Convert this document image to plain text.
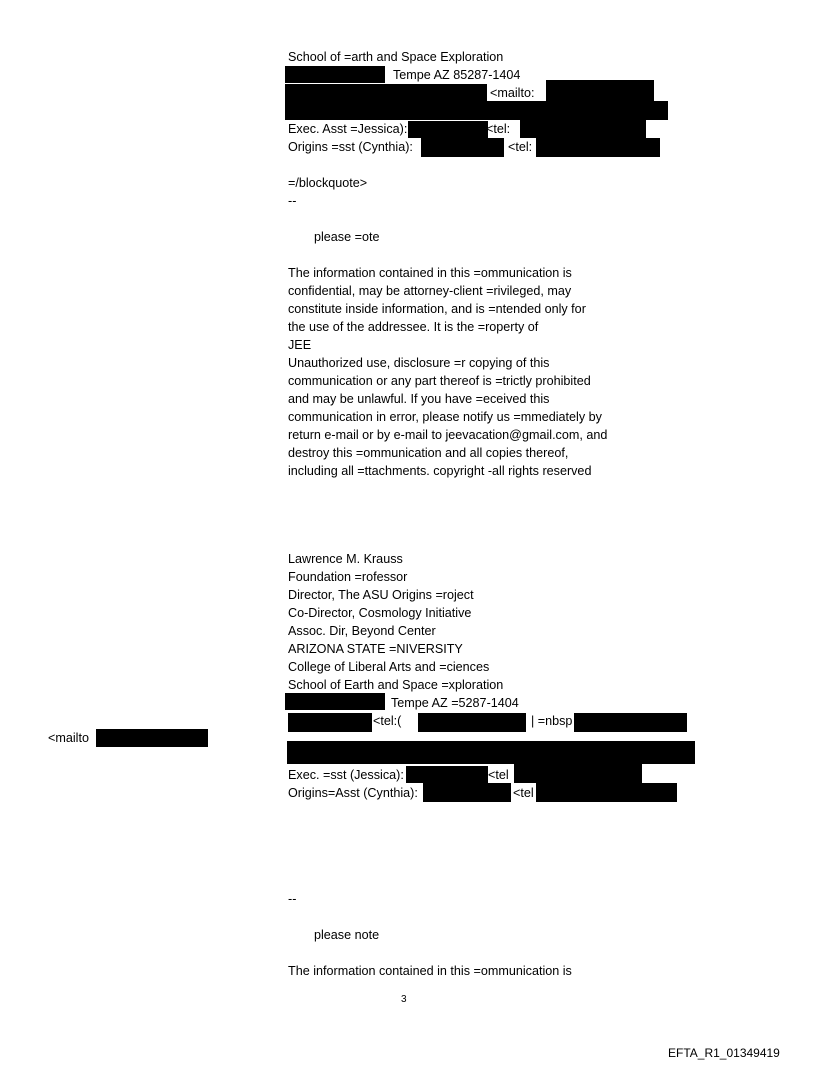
School of =arth and Space Exploration
Tempe AZ 85287-1404
<mailto:
Exec. Asst =Jessica):	<tel:
Origins =sst (Cynthia):	<tel:
=/blockquote>
--
please =ote
The information contained in this =ommunication is
confidential, may be attorney-client =rivileged, may
constitute inside information, and is =ntended only for
the use of the addressee. It is the =roperty of
JEE
Unauthorized use, disclosure =r copying of this
communication or any part thereof is =trictly prohibited
and may be unlawful. If you have =eceived this
communication in error, please notify us =mmediately by
return e-mail or by e-mail to jeevacation@gmail.com, and
destroy this =ommunication and all copies thereof,
including all =ttachments. copyright -all rights reserved
Lawrence M. Krauss
Foundation =rofessor
Director, The ASU Origins =roject
Co-Director, Cosmology Initiative
Assoc. Dir, Beyond Center
ARIZONA STATE =NIVERSITY
College of Liberal Arts and =ciences
School of Earth and Space =xploration
Tempe AZ =5287-1404
<tel:(	| =nbsp
Exec. =sst (Jessica):	<tel
Origins=Asst (Cynthia):	<tel
--
please note
The information contained in this =ommunication is
<mailto
3
EFTA_R1_01349419
